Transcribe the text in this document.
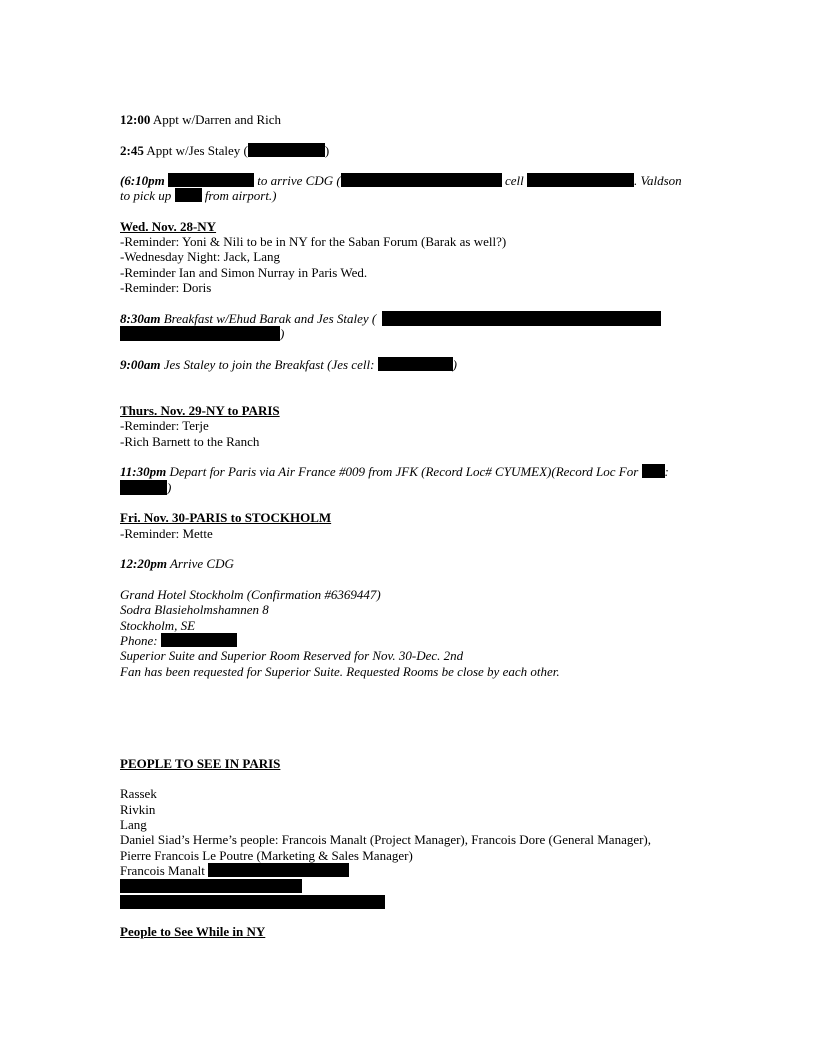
12:00 Appt w/Darren and Rich
2:45 Appt w/Jes Staley (	)
(6:10pm	to arrive CDG (	cell	. Valdson
to pick up	from airport.)
Wed. Nov. 28-NY
-Reminder: Yoni & Nili to be in NY for the Saban Forum (Barak as well?)
-Wednesday Night: Jack, Lang
-Reminder Ian and Simon Nurray in Paris Wed.
-Reminder: Doris
8:30am Breakfast w/Ehud Barak and Jes Staley (
)
9:00am Jes Staley to join the Breakfast (Jes cell:	)
Thurs. Nov. 29-NY to PARIS
-Reminder: Terje
-Rich Barnett to the Ranch
11:30pm Depart for Paris via Air France #009 from JFK (Record Loc# CYUMEX)(Record Loc For :
)
Fri. Nov. 30-PARIS to STOCKHOLM
-Reminder: Mette
12:20pm Arrive CDG
Grand Hotel Stockholm (Confirmation #6369447)
Sodra Blasieholmshamnen 8
Stockholm, SE
Phone:
Superior Suite and Superior Room Reserved for Nov. 30-Dec. 2nd
Fan has been requested for Superior Suite. Requested Rooms be close by each other.
PEOPLE TO SEE IN PARIS
Rassek
Rivkin
Lang
Daniel Siad’s Herme’s people: Francois Manalt (Project Manager), Francois Dore (General Manager),
Pierre Francois Le Poutre (Marketing & Sales Manager)
Francois Manalt
People to See While in NY
